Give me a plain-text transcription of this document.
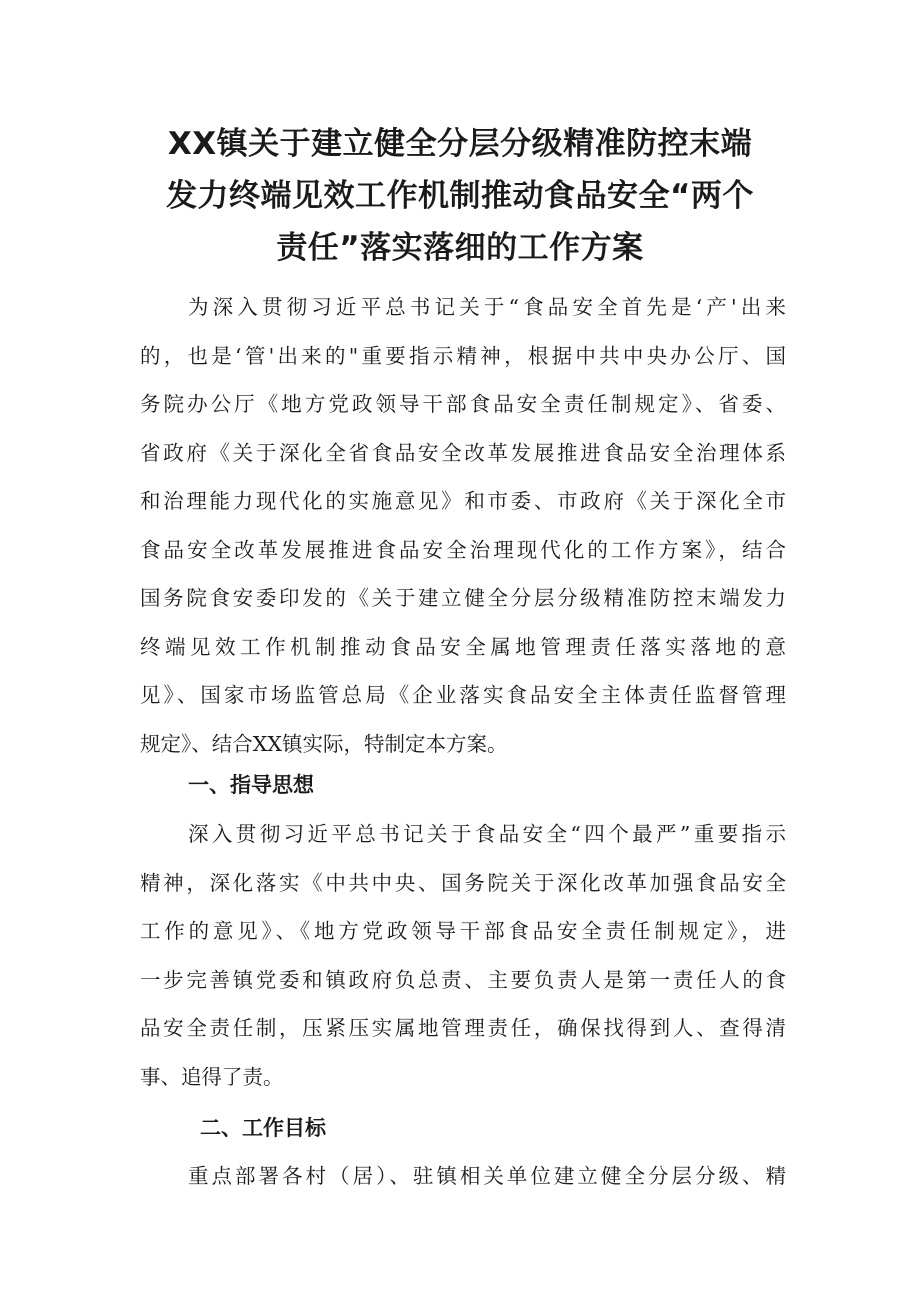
XX镇关于建立健全分层分级精准防控末端
发力终端见效工作机制推动食品安全“两个
责任”落实落细的工作方案
为深入贯彻习近平总书记关于“食品安全首先是‘产'出来
的，也是‘管'出来的"重要指示精神，根据中共中央办公厅、国
务院办公厅《地方党政领导干部食品安全责任制规定》、省委、
省政府《关于深化全省食品安全改革发展推进食品安全治理体系
和治理能力现代化的实施意见》和市委、市政府《关于深化全市
食品安全改革发展推进食品安全治理现代化的工作方案》，结合
国务院食安委印发的《关于建立健全分层分级精准防控末端发力
终端见效工作机制推动食品安全属地管理责任落实落地的意
见》、国家市场监管总局《企业落实食品安全主体责任监督管理
规定》、结合XX镇实际，特制定本方案。
一、指导思想
深入贯彻习近平总书记关于食品安全“四个最严”重要指示
精神，深化落实《中共中央、国务院关于深化改革加强食品安全
工作的意见》、《地方党政领导干部食品安全责任制规定》，进
一步完善镇党委和镇政府负总责、主要负责人是第一责任人的食
品安全责任制，压紧压实属地管理责任，确保找得到人、查得清
事、追得了责。
二、工作目标
重点部署各村（居）、驻镇相关单位建立健全分层分级、精
